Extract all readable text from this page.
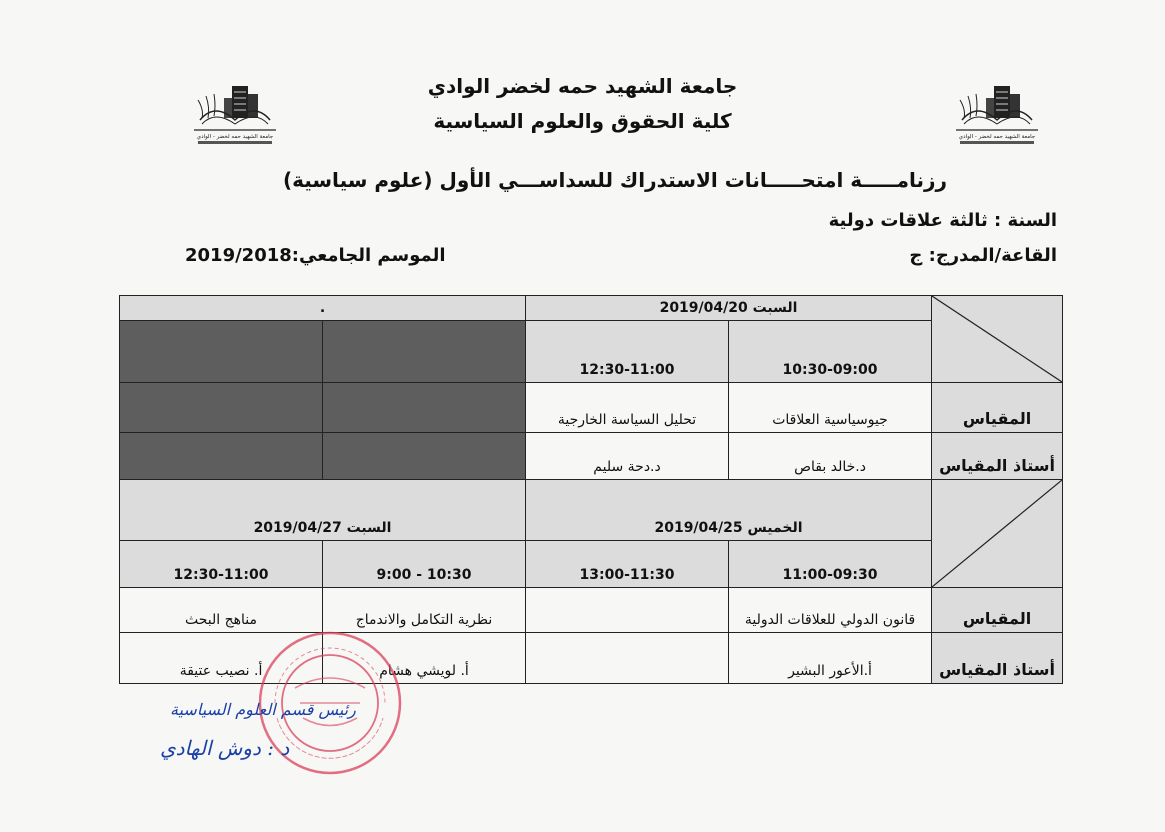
جامعة الشهيد حمه لخضر الوادي
كلية الحقوق والعلوم السياسية
جامعة الشهيد حمه لخضر - الوادي	جامعة الشهيد حمه لخضر - الوادي
رزنامـــــة امتحـــــانات الاستدراك للسداســـي الأول (علوم سياسية)
السنة : ثالثة علاقات دولية
القاعة/المدرج: ج
الموسم الجامعي:2019/2018
	السبت 2019/04/20		.	
	10:30-09:00	12:30-11:00		
المقياس	جيوسياسية العلاقات	تحليل السياسة الخارجية		
أستاذ المقياس	د.خالد بقاص	د.دحة سليم		

	الخميس 2019/04/25		السبت 2019/04/27	
	11:00-09:30	13:00-11:30	10:30 - 9:00	12:30-11:00
المقياس	قانون الدولي للعلاقات الدولية		نظرية التكامل والاندماج	مناهج البحث
أستاذ المقياس	أ.الأعور البشير		أ. لويشي هشام	أ. نصيب عتيقة
رئيس قسم العلوم السياسية
د : دوش الهادي
